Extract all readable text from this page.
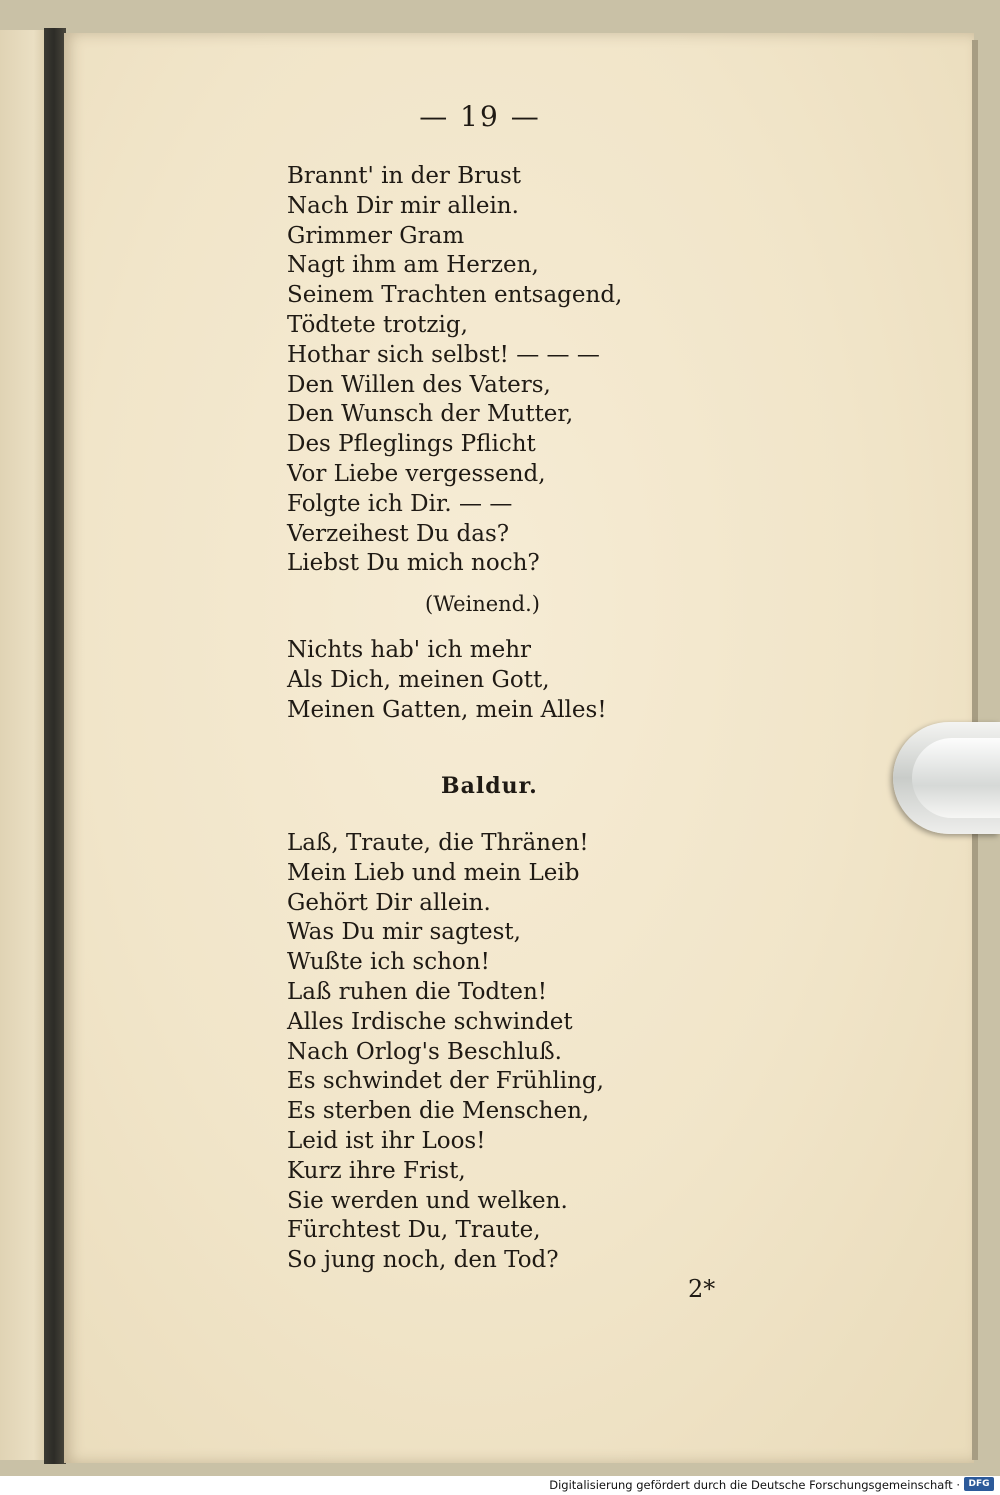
— 19 —
Brannt' in der Brust
Nach Dir mir allein.
Grimmer Gram
Nagt ihm am Herzen,
Seinem Trachten entsagend,
Tödtete trotzig,
Hothar sich selbst! — — —
Den Willen des Vaters,
Den Wunsch der Mutter,
Des Pfleglings Pflicht
Vor Liebe vergessend,
Folgte ich Dir. — —
Verzeihest Du das?
Liebst Du mich noch?
(Weinend.)
Nichts hab' ich mehr
Als Dich, meinen Gott,
Meinen Gatten, mein Alles!
Baldur.
Laß, Traute, die Thränen!
Mein Lieb und mein Leib
Gehört Dir allein.
Was Du mir sagtest,
Wußte ich schon!
Laß ruhen die Todten!
Alles Irdische schwindet
Nach Orlog's Beschluß.
Es schwindet der Frühling,
Es sterben die Menschen,
Leid ist ihr Loos!
Kurz ihre Frist,
Sie werden und welken.
Fürchtest Du, Traute,
So jung noch, den Tod?
2*
Digitalisierung gefördert durch die Deutsche Forschungsgemeinschaft · DFG
